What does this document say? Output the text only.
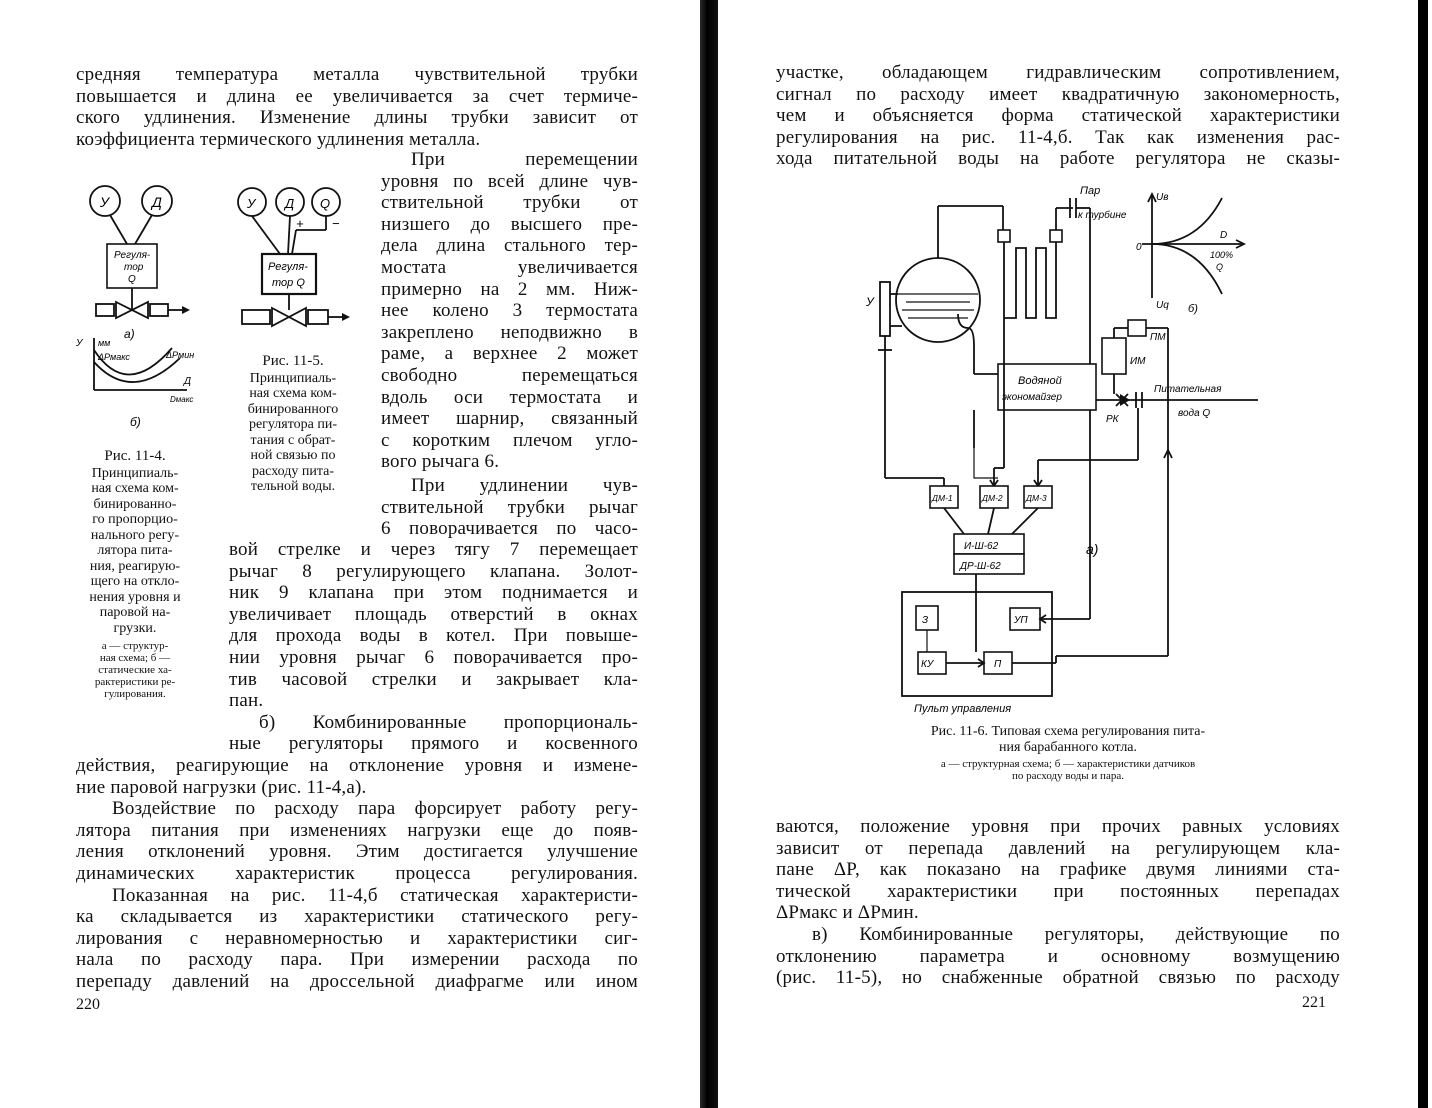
средняя температура металла чувствительной трубки
повышается и длина ее увеличивается за счет термиче-
ского удлинения. Изменение длины трубки зависит от
коэффициента термического удлинения металла.
При перемещении
уровня по всей длине чув-
ствительной трубки от
низшего до высшего пре-
дела длина стального тер-
мостата увеличивается
примерно на 2 мм. Ниж-
нее колено 3 термостата
закреплено неподвижно в
раме, а верхнее 2 может
свободно перемещаться
вдоль оси термостата и
имеет шарнир, связанный
с коротким плечом угло-
вого рычага 6.
При удлинении чув-
ствительной трубки рычаг
6 поворачивается по часо-
вой стрелке и через тягу 7 перемещает
рычаг 8 регулирующего клапана. Золот-
ник 9 клапана при этом поднимается и
увеличивает площадь отверстий в окнах
для прохода воды в котел. При повыше-
нии уровня рычаг 6 поворачивается про-
тив часовой стрелки и закрывает кла-
пан.
б) Комбинированные пропорциональ-
ные регуляторы прямого и косвенного
действия, реагирующие на отклонение уровня и измене-
ние паровой нагрузки (рис. 11-4,а).
Воздействие по расходу пара форсирует работу регу-
лятора питания при изменениях нагрузки еще до появ-
ления отклонений уровня. Этим достигается улучшение
динамических характеристик процесса регулирования.
Показанная на рис. 11-4,б статическая характеристи-
ка складывается из характеристики статического регу-
лирования с неравномерностью и характеристики сиг-
нала по расходу пара. При измерении расхода по
перепаду давлений на дроссельной диафрагме или ином
220
У	Д
Регуля-
тор
Q
а)
У мм
ΔPмакс	ΔPмин
Д
Dмакс
б)
Рис. 11-4.
Принципиаль-
ная схема ком-
бинированно-
го пропорцио-
нального регу-
лятора пита-
ния, реагирую-
щего на откло-
нения уровня и
паровой на-
грузки.
а — структур-
ная схема; б —
статические ха-
рактеристики ре-
гулирования.
У Д Q
+ −
Регуля-
тор Q
Рис. 11-5.
Принципиаль-
ная схема ком-
бинированного
регулятора пи-
тания с обрат-
ной связью по
расходу пита-
тельной воды.
участке, обладающем гидравлическим сопротивлением,
сигнал по расходу имеет квадратичную закономерность,
чем и объясняется форма статической характеристики
регулирования на рис. 11-4,б. Так как изменения рас-
хода питательной воды на работе регулятора не сказы-
Пар
к турбине
У
Водяной
экономайзер
Питательная
вода Q
РК
ИМ
ПМ
ДМ-1	ДМ-2	ДМ-3
И-Ш-62
ДР-Ш-62
а)
З	УП
КУ	П
Пульт управления
Uв
Uq
0
D
100%
Q
б)
Рис. 11-6. Типовая схема регулирования пита-
ния барабанного котла.
а — структурная схема; б — характеристики датчиков
по расходу воды и пара.
ваются, положение уровня при прочих равных условиях
зависит от перепада давлений на регулирующем кла-
пане ΔP, как показано на графике двумя линиями ста-
тической характеристики при постоянных перепадах
ΔPмакс и ΔPмин.
в) Комбинированные регуляторы, действующие по
отклонению параметра и основному возмущению
(рис. 11-5), но снабженные обратной связью по расходу
221
